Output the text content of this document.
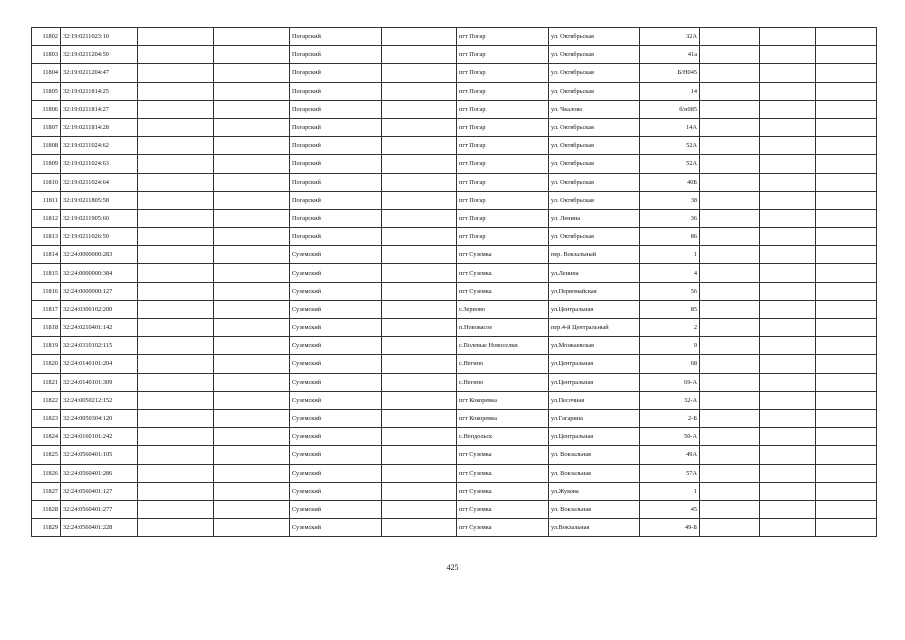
11802	32:19:0211023:10			Погарский		пгт Погар	ул. Октябрьская	32А			
11803	32:19:0211204:50			Погарский		пгт Погар	ул. Октябрьская	41а			
11804	32:19:0211204:47			Погарский		пгт Погар	ул. Октябрьская	Б/Н045			
11805	32:19:0211814:25			Погарский		пгт Погар	ул. Октябрьская	14			
11806	32:19:0211814:27			Погарский		пгт Погар	ул. Чкалова	б/н085			
11807	32:19:0211814:28			Погарский		пгт Погар	ул. Октябрьская	14А			
11808	32:19:0211024:62			Погарский		пгт Погар	ул. Октябрьская	52А			
11809	32:19:0211024:63			Погарский		пгт Погар	ул. Октябрьская	52А			
11810	32:19:0211024:64			Погарский		пгт Погар	ул. Октябрьская	40Б			
11811	32:19:0211805:58			Погарский		пгт Погар	ул. Октябрьская	38			
11812	32:19:0211905:60			Погарский		пгт Погар	ул. Ленина	36			
11813	32:19:0211026:50			Погарский		пгт Погар	ул. Октябрьская	86			
11814	32:24:0000000:283			Суземский		пгт Суземка	пер. Вокзальный	1			
11815	32:24:0000000:384			Суземский		пгт Суземка	ул.Ленина	4			
11816	32:24:0000000:127			Суземский		пгт Суземка	ул.Первомайская	56			
11817	32:24:0300102:200			Суземский		с.Зерново	ул.Центральная	85			
11818	32:24:0210401:142			Суземский		п.Нововасое	пер.4-й Центральный	2			
11819	32:24:0310102:115			Суземский		с.Полевые Новоселки	ул.Мозжаевская	9			
11820	32:24:0140101:204			Суземский		с.Негино	ул.Центральная	68			
11821	32:24:0140101:309			Суземский		с.Негино	ул.Центральная	69-А			
11822	32:24:0050212:152			Суземский		пгт Кокоревка	ул.Песочная	32-А			
11823	32:24:0050304:120			Суземский		пгт Кокоревка	ул.Гагарина	2-Б			
11824	32:24:0160101:242			Суземский		с.Непдольск	ул.Центральная	50-А			
11825	32:24:0560401:105			Суземский		пгт Суземка	ул. Вокзальная	49А			
11826	32:24:0560401:286			Суземский		пгт Суземка	ул. Вокзальная	57А			
11827	32:24:0560401:127			Суземский		пгт Суземка	ул.Жукова	1			
11828	32:24:0560401:277			Суземский		пгт Суземка	ул. Вокзальная	45			
11829	32:24:0560401:228			Суземский		пгт Суземка	ул.Вокзальная	49-Б			
425
